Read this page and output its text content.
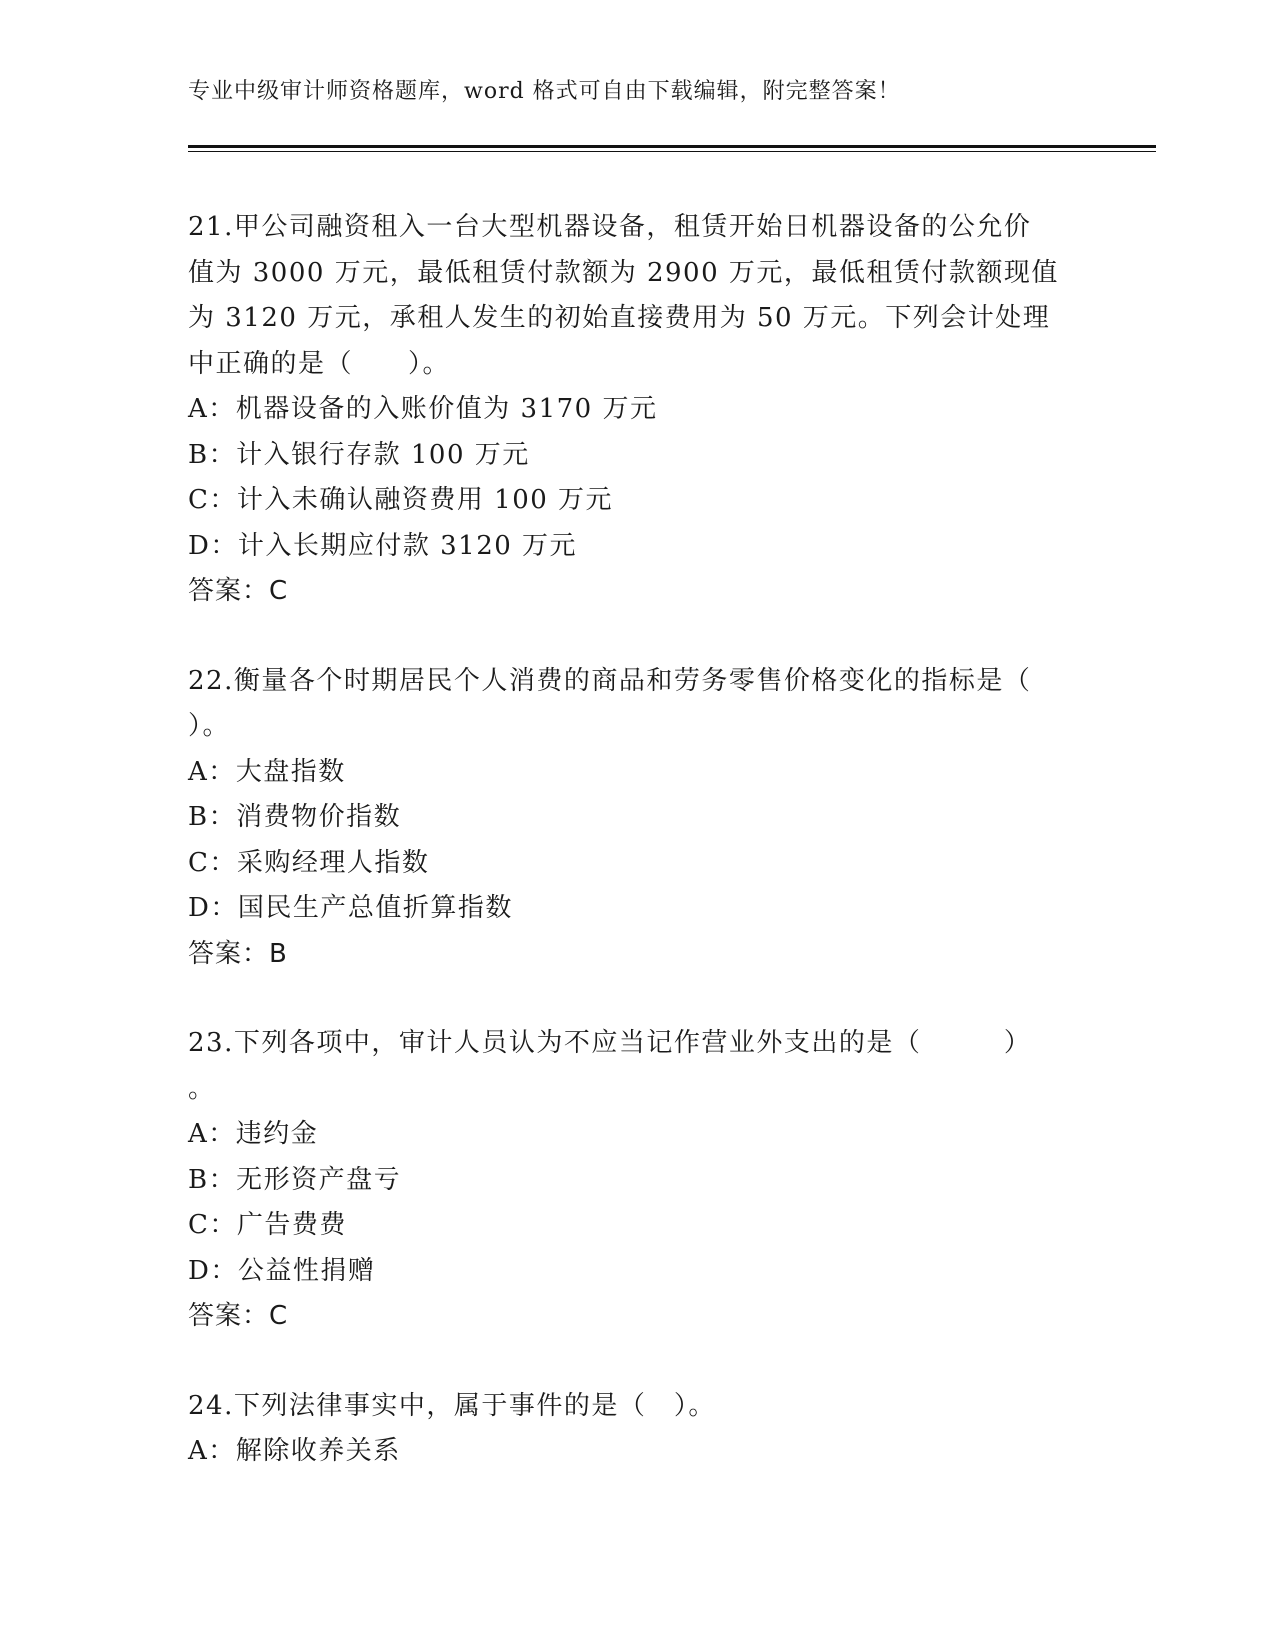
专业中级审计师资格题库，word 格式可自由下载编辑，附完整答案！
21.甲公司融资租入一台大型机器设备，租赁开始日机器设备的公允价
值为 3000 万元，最低租赁付款额为 2900 万元，最低租赁付款额现值
为 3120 万元，承租人发生的初始直接费用为 50 万元。下列会计处理
中正确的是（　　）。
A：机器设备的入账价值为 3170 万元
B：计入银行存款 100 万元
C：计入未确认融资费用 100 万元
D：计入长期应付款 3120 万元
答案：C
22.衡量各个时期居民个人消费的商品和劳务零售价格变化的指标是（
）。
A：大盘指数
B：消费物价指数
C：采购经理人指数
D：国民生产总值折算指数
答案：B
23.下列各项中，审计人员认为不应当记作营业外支出的是（　　　）
。
A：违约金
B：无形资产盘亏
C：广告费费
D：公益性捐赠
答案：C
24.下列法律事实中，属于事件的是（　）。
A：解除收养关系
